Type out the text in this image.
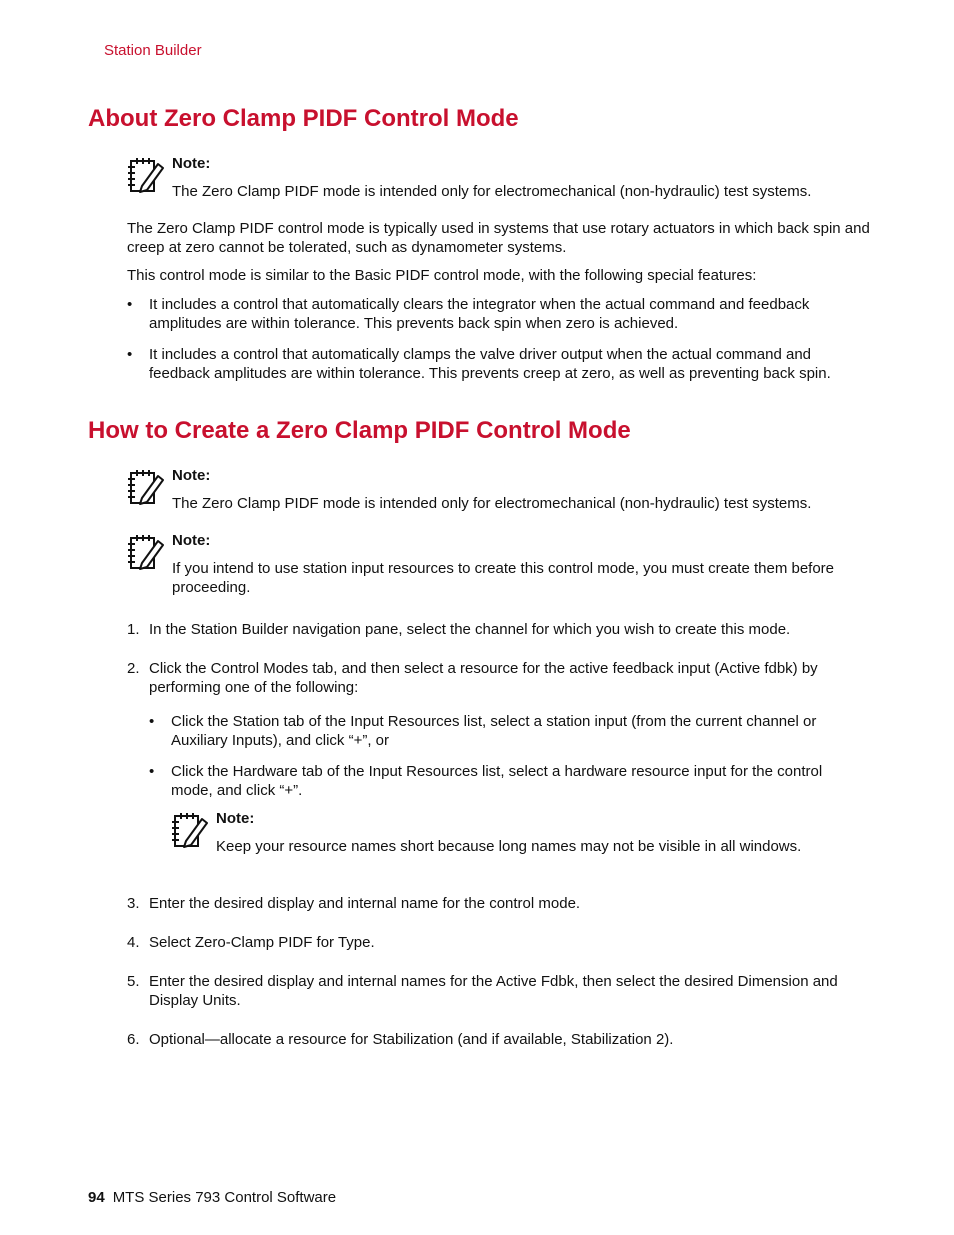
Station Builder
About Zero Clamp PIDF Control Mode
Note:
The Zero Clamp PIDF mode is intended only for electromechanical (non-hydraulic) test systems.
The Zero Clamp PIDF control mode is typically used in systems that use rotary actuators in which back spin and creep at zero cannot be tolerated, such as dynamometer systems.
This control mode is similar to the Basic PIDF control mode, with the following special features:
• It includes a control that automatically clears the integrator when the actual command and feedback amplitudes are within tolerance. This prevents back spin when zero is achieved.
• It includes a control that automatically clamps the valve driver output when the actual command and feedback amplitudes are within tolerance. This prevents creep at zero, as well as preventing back spin.
How to Create a Zero Clamp PIDF Control Mode
Note:
The Zero Clamp PIDF mode is intended only for electromechanical (non-hydraulic) test systems.
Note:
If you intend to use station input resources to create this control mode, you must create them before proceeding.
1. In the Station Builder navigation pane, select the channel for which you wish to create this mode.
2. Click the Control Modes tab, and then select a resource for the active feedback input (Active fdbk) by performing one of the following:
• Click the Station tab of the Input Resources list, select a station input (from the current channel or Auxiliary Inputs), and click “+”, or
• Click the Hardware tab of the Input Resources list, select a hardware resource input for the control mode, and click “+”.
Note:
Keep your resource names short because long names may not be visible in all windows.
3. Enter the desired display and internal name for the control mode.
4. Select Zero-Clamp PIDF for Type.
5. Enter the desired display and internal names for the Active Fdbk, then select the desired Dimension and Display Units.
6. Optional—allocate a resource for Stabilization (and if available, Stabilization 2).
94 MTS Series 793 Control Software
